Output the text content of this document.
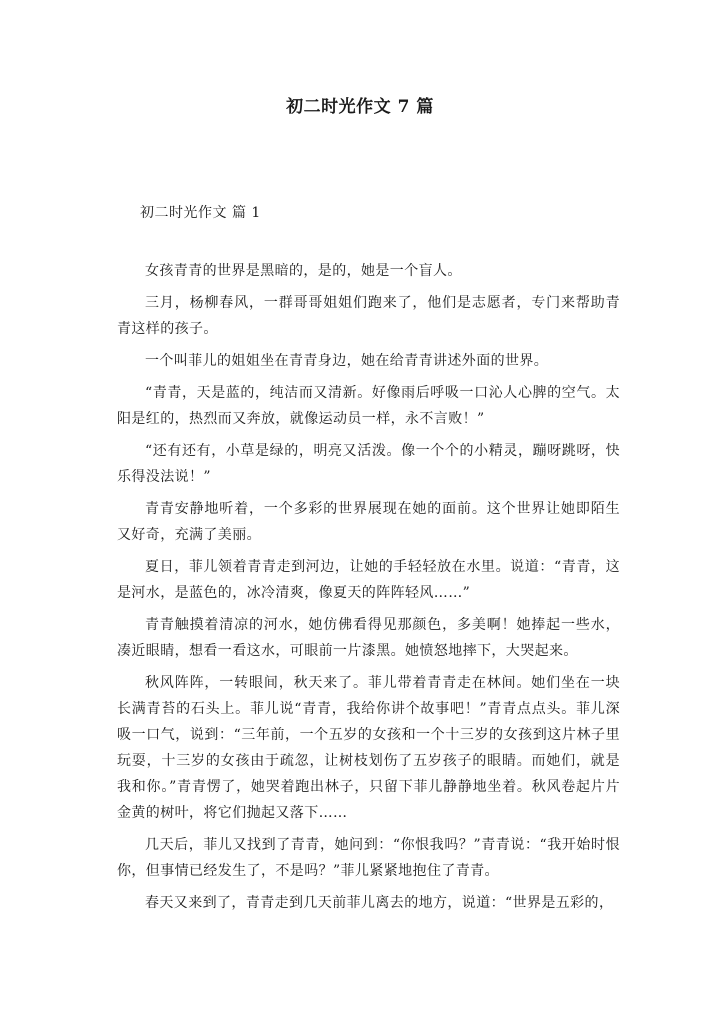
初二时光作文 7 篇
初二时光作文 篇 1

女孩青青的世界是黑暗的，是的，她是一个盲人。

三月，杨柳春风，一群哥哥姐姐们跑来了，他们是志愿者，专门来帮助青青这样的孩子。

一个叫菲儿的姐姐坐在青青身边，她在给青青讲述外面的世界。

“青青，天是蓝的，纯洁而又清新。好像雨后呼吸一口沁人心脾的空气。太阳是红的，热烈而又奔放，就像运动员一样，永不言败！”

“还有还有，小草是绿的，明亮又活泼。像一个个的小精灵，蹦呀跳呀，快乐得没法说！”

青青安静地听着，一个多彩的世界展现在她的面前。这个世界让她即陌生又好奇，充满了美丽。

夏日，菲儿领着青青走到河边，让她的手轻轻放在水里。说道：“青青，这是河水，是蓝色的，冰冷清爽，像夏天的阵阵轻风……”

青青触摸着清凉的河水，她仿佛看得见那颜色，多美啊！她捧起一些水，凑近眼睛，想看一看这水，可眼前一片漆黑。她愤怒地摔下，大哭起来。

秋风阵阵，一转眼间，秋天来了。菲儿带着青青走在林间。她们坐在一块长满青苔的石头上。菲儿说“青青，我给你讲个故事吧！”青青点点头。菲儿深吸一口气，说到：“三年前，一个五岁的女孩和一个十三岁的女孩到这片林子里玩耍，十三岁的女孩由于疏忽，让树枝划伤了五岁孩子的眼睛。而她们，就是我和你。”青青愣了，她哭着跑出林子，只留下菲儿静静地坐着。秋风卷起片片金黄的树叶，将它们抛起又落下……

几天后，菲儿又找到了青青，她问到：“你恨我吗？”青青说：“我开始时恨你，但事情已经发生了，不是吗？”菲儿紧紧地抱住了青青。

春天又来到了，青青走到几天前菲儿离去的地方，说道：“世界是五彩的，
